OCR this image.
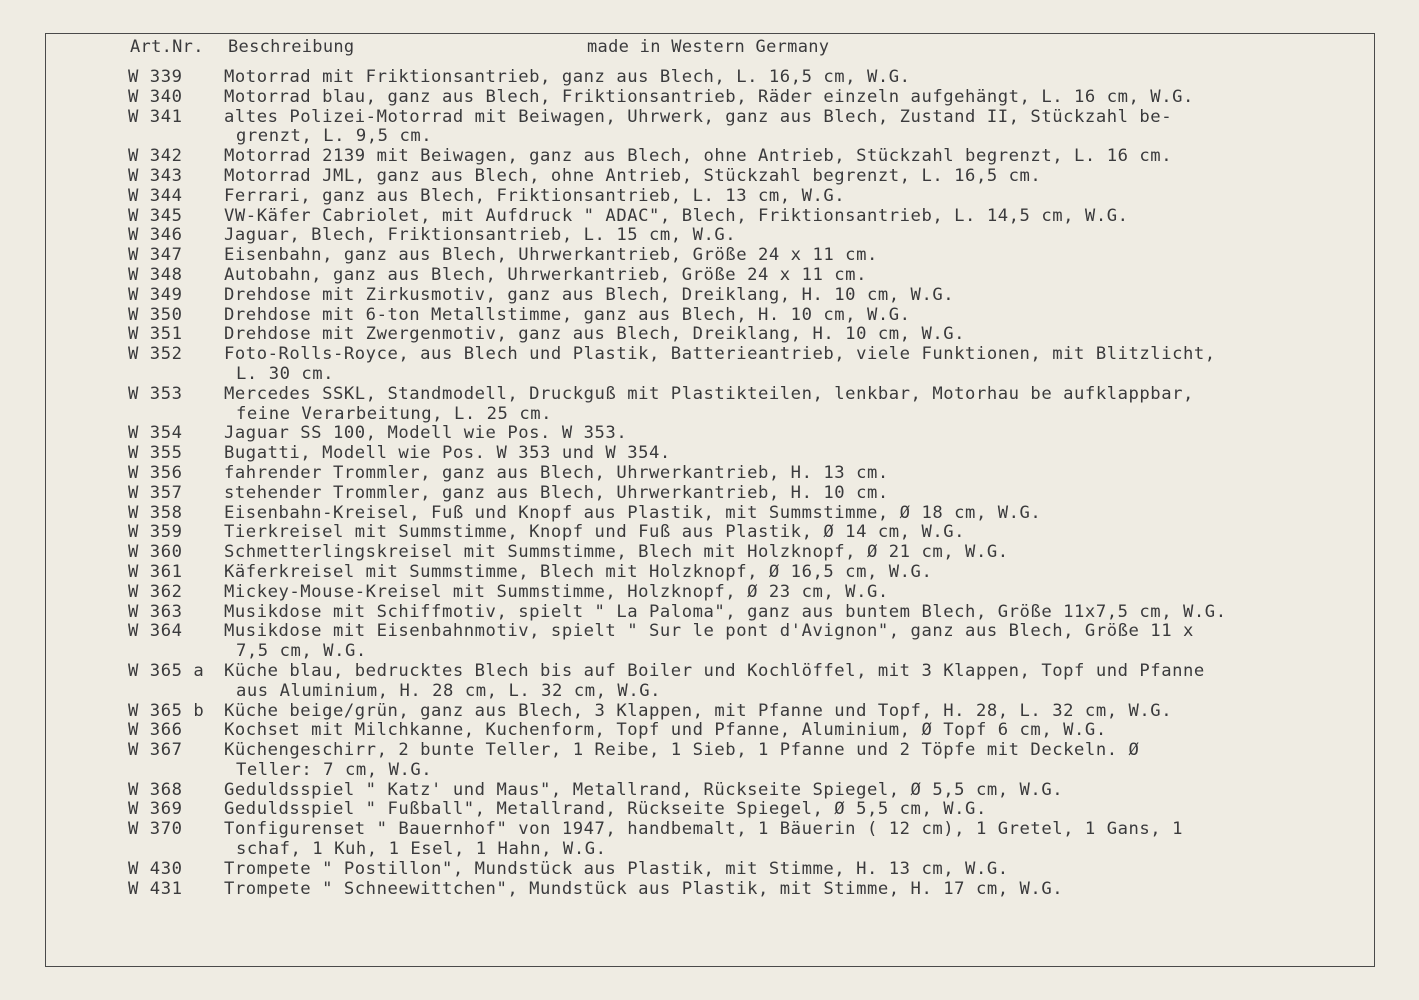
Art.Nr. Beschreibung	made in Western Germany
W 339 Motorrad mit Friktionsantrieb, ganz aus Blech, L. 16,5 cm, W.G.
W 340 Motorrad blau, ganz aus Blech, Friktionsantrieb, Räder einzeln aufgehängt, L. 16 cm, W.G.
W 341 altes Polizei-Motorrad mit Beiwagen, Uhrwerk, ganz aus Blech, Zustand II, Stückzahl be-
grenzt, L. 9,5 cm.
W 342 Motorrad 2139 mit Beiwagen, ganz aus Blech, ohne Antrieb, Stückzahl begrenzt, L. 16 cm.
W 343 Motorrad JML, ganz aus Blech, ohne Antrieb, Stückzahl begrenzt, L. 16,5 cm.
W 344 Ferrari, ganz aus Blech, Friktionsantrieb, L. 13 cm, W.G.
W 345 VW-Käfer Cabriolet, mit Aufdruck " ADAC", Blech, Friktionsantrieb, L. 14,5 cm, W.G.
W 346 Jaguar, Blech, Friktionsantrieb, L. 15 cm, W.G.
W 347 Eisenbahn, ganz aus Blech, Uhrwerkantrieb, Größe 24 x 11 cm.
W 348 Autobahn, ganz aus Blech, Uhrwerkantrieb, Größe 24 x 11 cm.
W 349 Drehdose mit Zirkusmotiv, ganz aus Blech, Dreiklang, H. 10 cm, W.G.
W 350 Drehdose mit 6-ton Metallstimme, ganz aus Blech, H. 10 cm, W.G.
W 351 Drehdose mit Zwergenmotiv, ganz aus Blech, Dreiklang, H. 10 cm, W.G.
W 352 Foto-Rolls-Royce, aus Blech und Plastik, Batterieantrieb, viele Funktionen, mit Blitzlicht,
L. 30 cm.
W 353 Mercedes SSKL, Standmodell, Druckguß mit Plastikteilen, lenkbar, Motorhau be aufklappbar,
feine Verarbeitung, L. 25 cm.
W 354 Jaguar SS 100, Modell wie Pos. W 353.
W 355 Bugatti, Modell wie Pos. W 353 und W 354.
W 356 fahrender Trommler, ganz aus Blech, Uhrwerkantrieb, H. 13 cm.
W 357 stehender Trommler, ganz aus Blech, Uhrwerkantrieb, H. 10 cm.
W 358 Eisenbahn-Kreisel, Fuß und Knopf aus Plastik, mit Summstimme, Ø 18 cm, W.G.
W 359 Tierkreisel mit Summstimme, Knopf und Fuß aus Plastik, Ø 14 cm, W.G.
W 360 Schmetterlingskreisel mit Summstimme, Blech mit Holzknopf, Ø 21 cm, W.G.
W 361 Käferkreisel mit Summstimme, Blech mit Holzknopf, Ø 16,5 cm, W.G.
W 362 Mickey-Mouse-Kreisel mit Summstimme, Holzknopf, Ø 23 cm, W.G.
W 363 Musikdose mit Schiffmotiv, spielt " La Paloma", ganz aus buntem Blech, Größe 11x7,5 cm, W.G.
W 364 Musikdose mit Eisenbahnmotiv, spielt " Sur le pont d'Avignon", ganz aus Blech, Größe 11 x
7,5 cm, W.G.
W 365 a Küche blau, bedrucktes Blech bis auf Boiler und Kochlöffel, mit 3 Klappen, Topf und Pfanne
aus Aluminium, H. 28 cm, L. 32 cm, W.G.
W 365 b Küche beige/grün, ganz aus Blech, 3 Klappen, mit Pfanne und Topf, H. 28, L. 32 cm, W.G.
W 366 Kochset mit Milchkanne, Kuchenform, Topf und Pfanne, Aluminium, Ø Topf 6 cm, W.G.
W 367 Küchengeschirr, 2 bunte Teller, 1 Reibe, 1 Sieb, 1 Pfanne und 2 Töpfe mit Deckeln. Ø
Teller: 7 cm, W.G.
W 368 Geduldsspiel " Katz' und Maus", Metallrand, Rückseite Spiegel, Ø 5,5 cm, W.G.
W 369 Geduldsspiel " Fußball", Metallrand, Rückseite Spiegel, Ø 5,5 cm, W.G.
W 370 Tonfigurenset " Bauernhof" von 1947, handbemalt, 1 Bäuerin ( 12 cm), 1 Gretel, 1 Gans, 1
schaf, 1 Kuh, 1 Esel, 1 Hahn, W.G.
W 430 Trompete " Postillon", Mundstück aus Plastik, mit Stimme, H. 13 cm, W.G.
W 431 Trompete " Schneewittchen", Mundstück aus Plastik, mit Stimme, H. 17 cm, W.G.
